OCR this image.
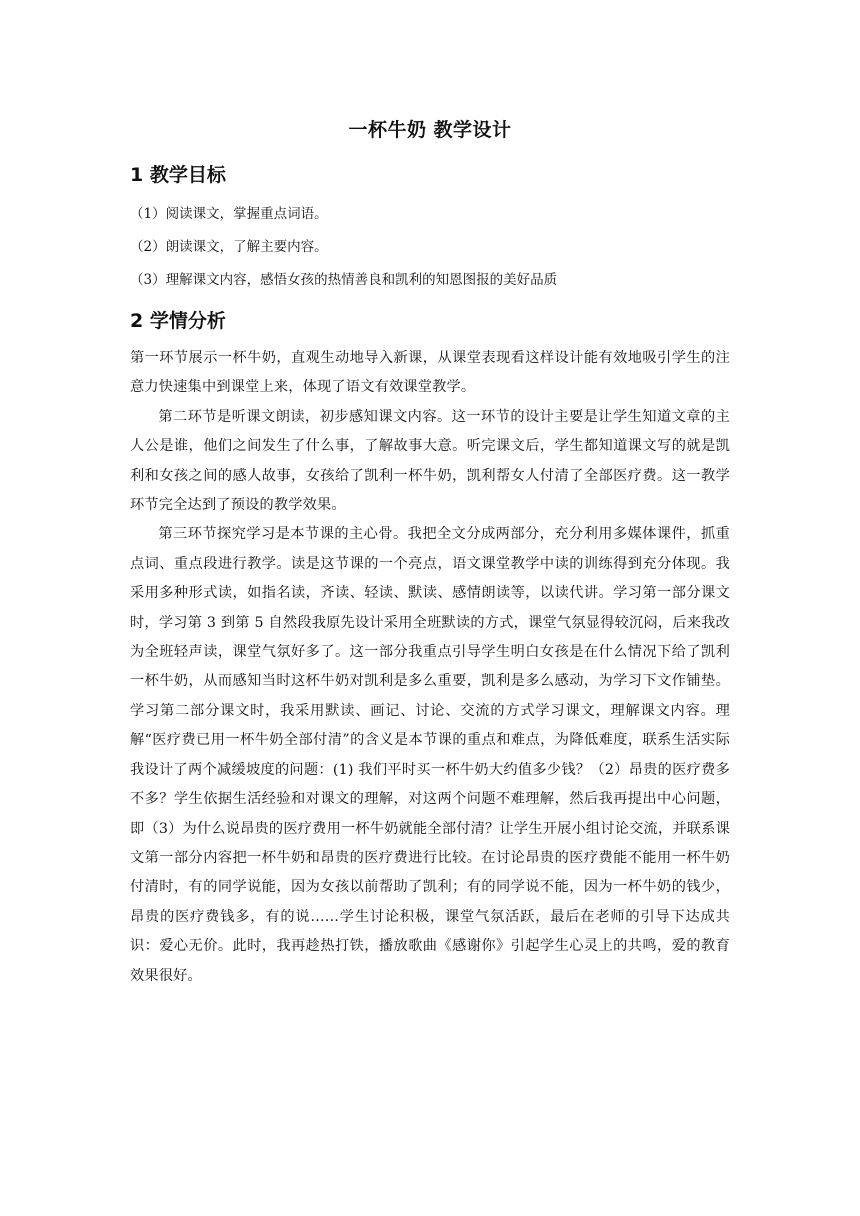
一杯牛奶 教学设计
1 教学目标
（1）阅读课文，掌握重点词语。
（2）朗读课文，了解主要内容。
（3）理解课文内容，感悟女孩的热情善良和凯利的知恩图报的美好品质
2 学情分析

第一环节展示一杯牛奶，直观生动地导入新课，从课堂表现看这样设计能有效地吸引学生的注意力快速集中到课堂上来，体现了语文有效课堂教学。

第二环节是听课文朗读，初步感知课文内容。这一环节的设计主要是让学生知道文章的主人公是谁，他们之间发生了什么事，了解故事大意。听完课文后，学生都知道课文写的就是凯利和女孩之间的感人故事，女孩给了凯利一杯牛奶，凯利帮女人付清了全部医疗费。这一教学环节完全达到了预设的教学效果。

第三环节探究学习是本节课的主心骨。我把全文分成两部分，充分利用多媒体课件，抓重点词、重点段进行教学。读是这节课的一个亮点，语文课堂教学中读的训练得到充分体现。我采用多种形式读，如指名读，齐读、轻读、默读、感情朗读等，以读代讲。学习第一部分课文时，学习第 3 到第 5 自然段我原先设计采用全班默读的方式，课堂气氛显得较沉闷，后来我改为全班轻声读，课堂气氛好多了。这一部分我重点引导学生明白女孩是在什么情况下给了凯利一杯牛奶，从而感知当时这杯牛奶对凯利是多么重要，凯利是多么感动，为学习下文作铺垫。学习第二部分课文时，我采用默读、画记、讨论、交流的方式学习课文，理解课文内容。理解“医疗费已用一杯牛奶全部付清”的含义是本节课的重点和难点，为降低难度，联系生活实际我设计了两个减缓坡度的问题：(1) 我们平时买一杯牛奶大约值多少钱？（2）昂贵的医疗费多不多？学生依据生活经验和对课文的理解，对这两个问题不难理解，然后我再提出中心问题，即（3）为什么说昂贵的医疗费用一杯牛奶就能全部付清？让学生开展小组讨论交流，并联系课文第一部分内容把一杯牛奶和昂贵的医疗费进行比较。在讨论昂贵的医疗费能不能用一杯牛奶付清时，有的同学说能，因为女孩以前帮助了凯利；有的同学说不能，因为一杯牛奶的钱少，昂贵的医疗费钱多，有的说……学生讨论积极，课堂气氛活跃，最后在老师的引导下达成共识：爱心无价。此时，我再趁热打铁，播放歌曲《感谢你》引起学生心灵上的共鸣，爱的教育效果很好。
